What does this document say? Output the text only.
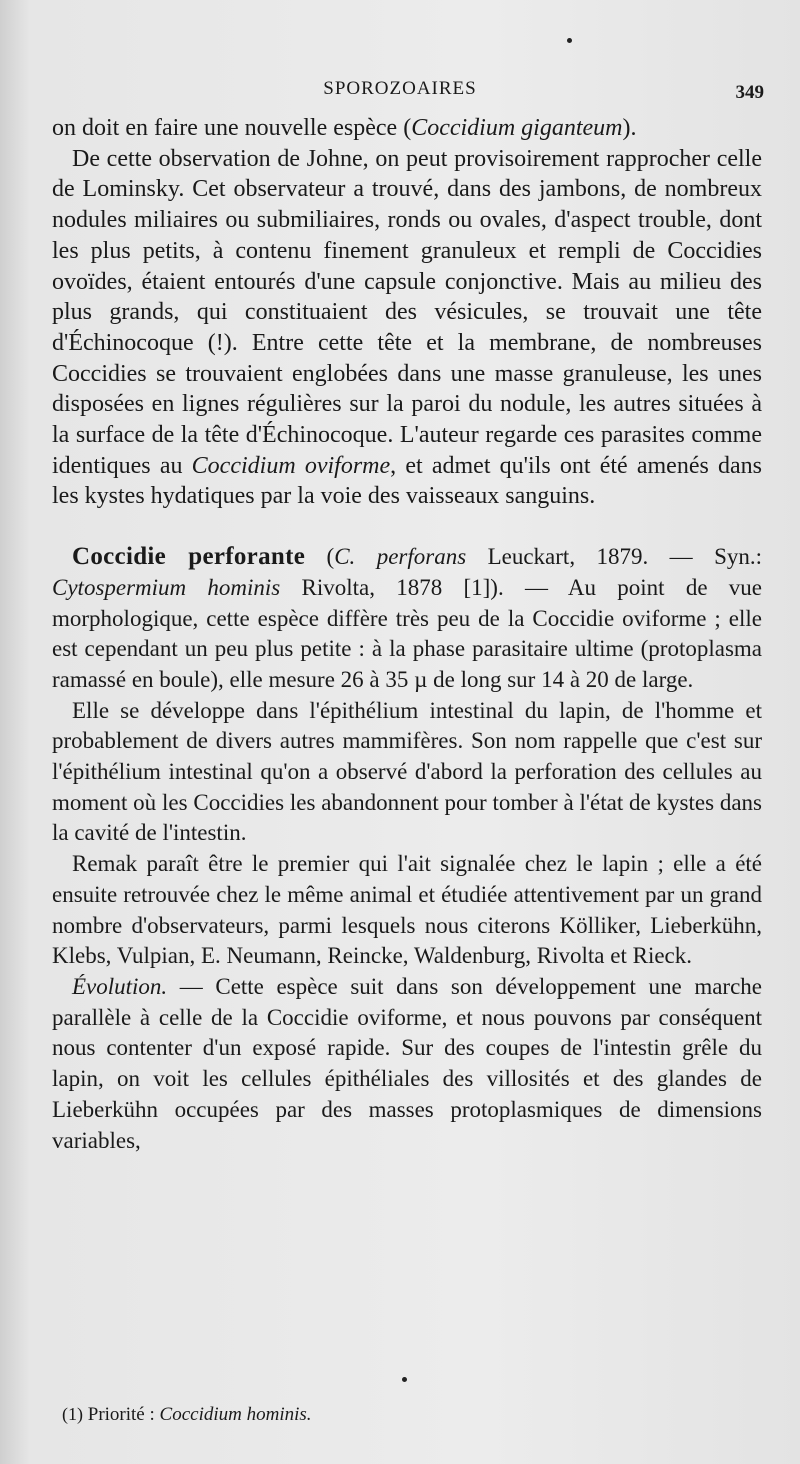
SPOROZOAIRES	349

on doit en faire une nouvelle espèce (Coccidium giganteum).

De cette observation de Johne, on peut provisoirement rapprocher celle de Lominsky. Cet observateur a trouvé, dans des jambons, de nombreux nodules miliaires ou submiliaires, ronds ou ovales, d'aspect trouble, dont les plus petits, à contenu finement granuleux et rempli de Coccidies ovoïdes, étaient entourés d'une capsule conjonctive. Mais au milieu des plus grands, qui constituaient des vésicules, se trouvait une tête d'Échinocoque (!). Entre cette tête et la membrane, de nombreuses Coccidies se trouvaient englobées dans une masse granuleuse, les unes disposées en lignes régulières sur la paroi du nodule, les autres situées à la surface de la tête d'Échinocoque. L'auteur regarde ces parasites comme identiques au Coccidium oviforme, et admet qu'ils ont été amenés dans les kystes hydatiques par la voie des vaisseaux sanguins.

Coccidie perforante (C. perforans Leuckart, 1879. — Syn.: Cytospermium hominis Rivolta, 1878 [1]). — Au point de vue morphologique, cette espèce diffère très peu de la Coccidie oviforme ; elle est cependant un peu plus petite : à la phase parasitaire ultime (protoplasma ramassé en boule), elle mesure 26 à 35 µ de long sur 14 à 20 de large.

Elle se développe dans l'épithélium intestinal du lapin, de l'homme et probablement de divers autres mammifères. Son nom rappelle que c'est sur l'épithélium intestinal qu'on a observé d'abord la perforation des cellules au moment où les Coccidies les abandonnent pour tomber à l'état de kystes dans la cavité de l'intestin.

Remak paraît être le premier qui l'ait signalée chez le lapin ; elle a été ensuite retrouvée chez le même animal et étudiée attentivement par un grand nombre d'observateurs, parmi lesquels nous citerons Kölliker, Lieberkühn, Klebs, Vulpian, E. Neumann, Reincke, Waldenburg, Rivolta et Rieck.

Évolution. — Cette espèce suit dans son développement une marche parallèle à celle de la Coccidie oviforme, et nous pouvons par conséquent nous contenter d'un exposé rapide. Sur des coupes de l'intestin grêle du lapin, on voit les cellules épithéliales des villosités et des glandes de Lieberkühn occupées par des masses protoplasmiques de dimensions variables,

(1) Priorité : Coccidium hominis.
